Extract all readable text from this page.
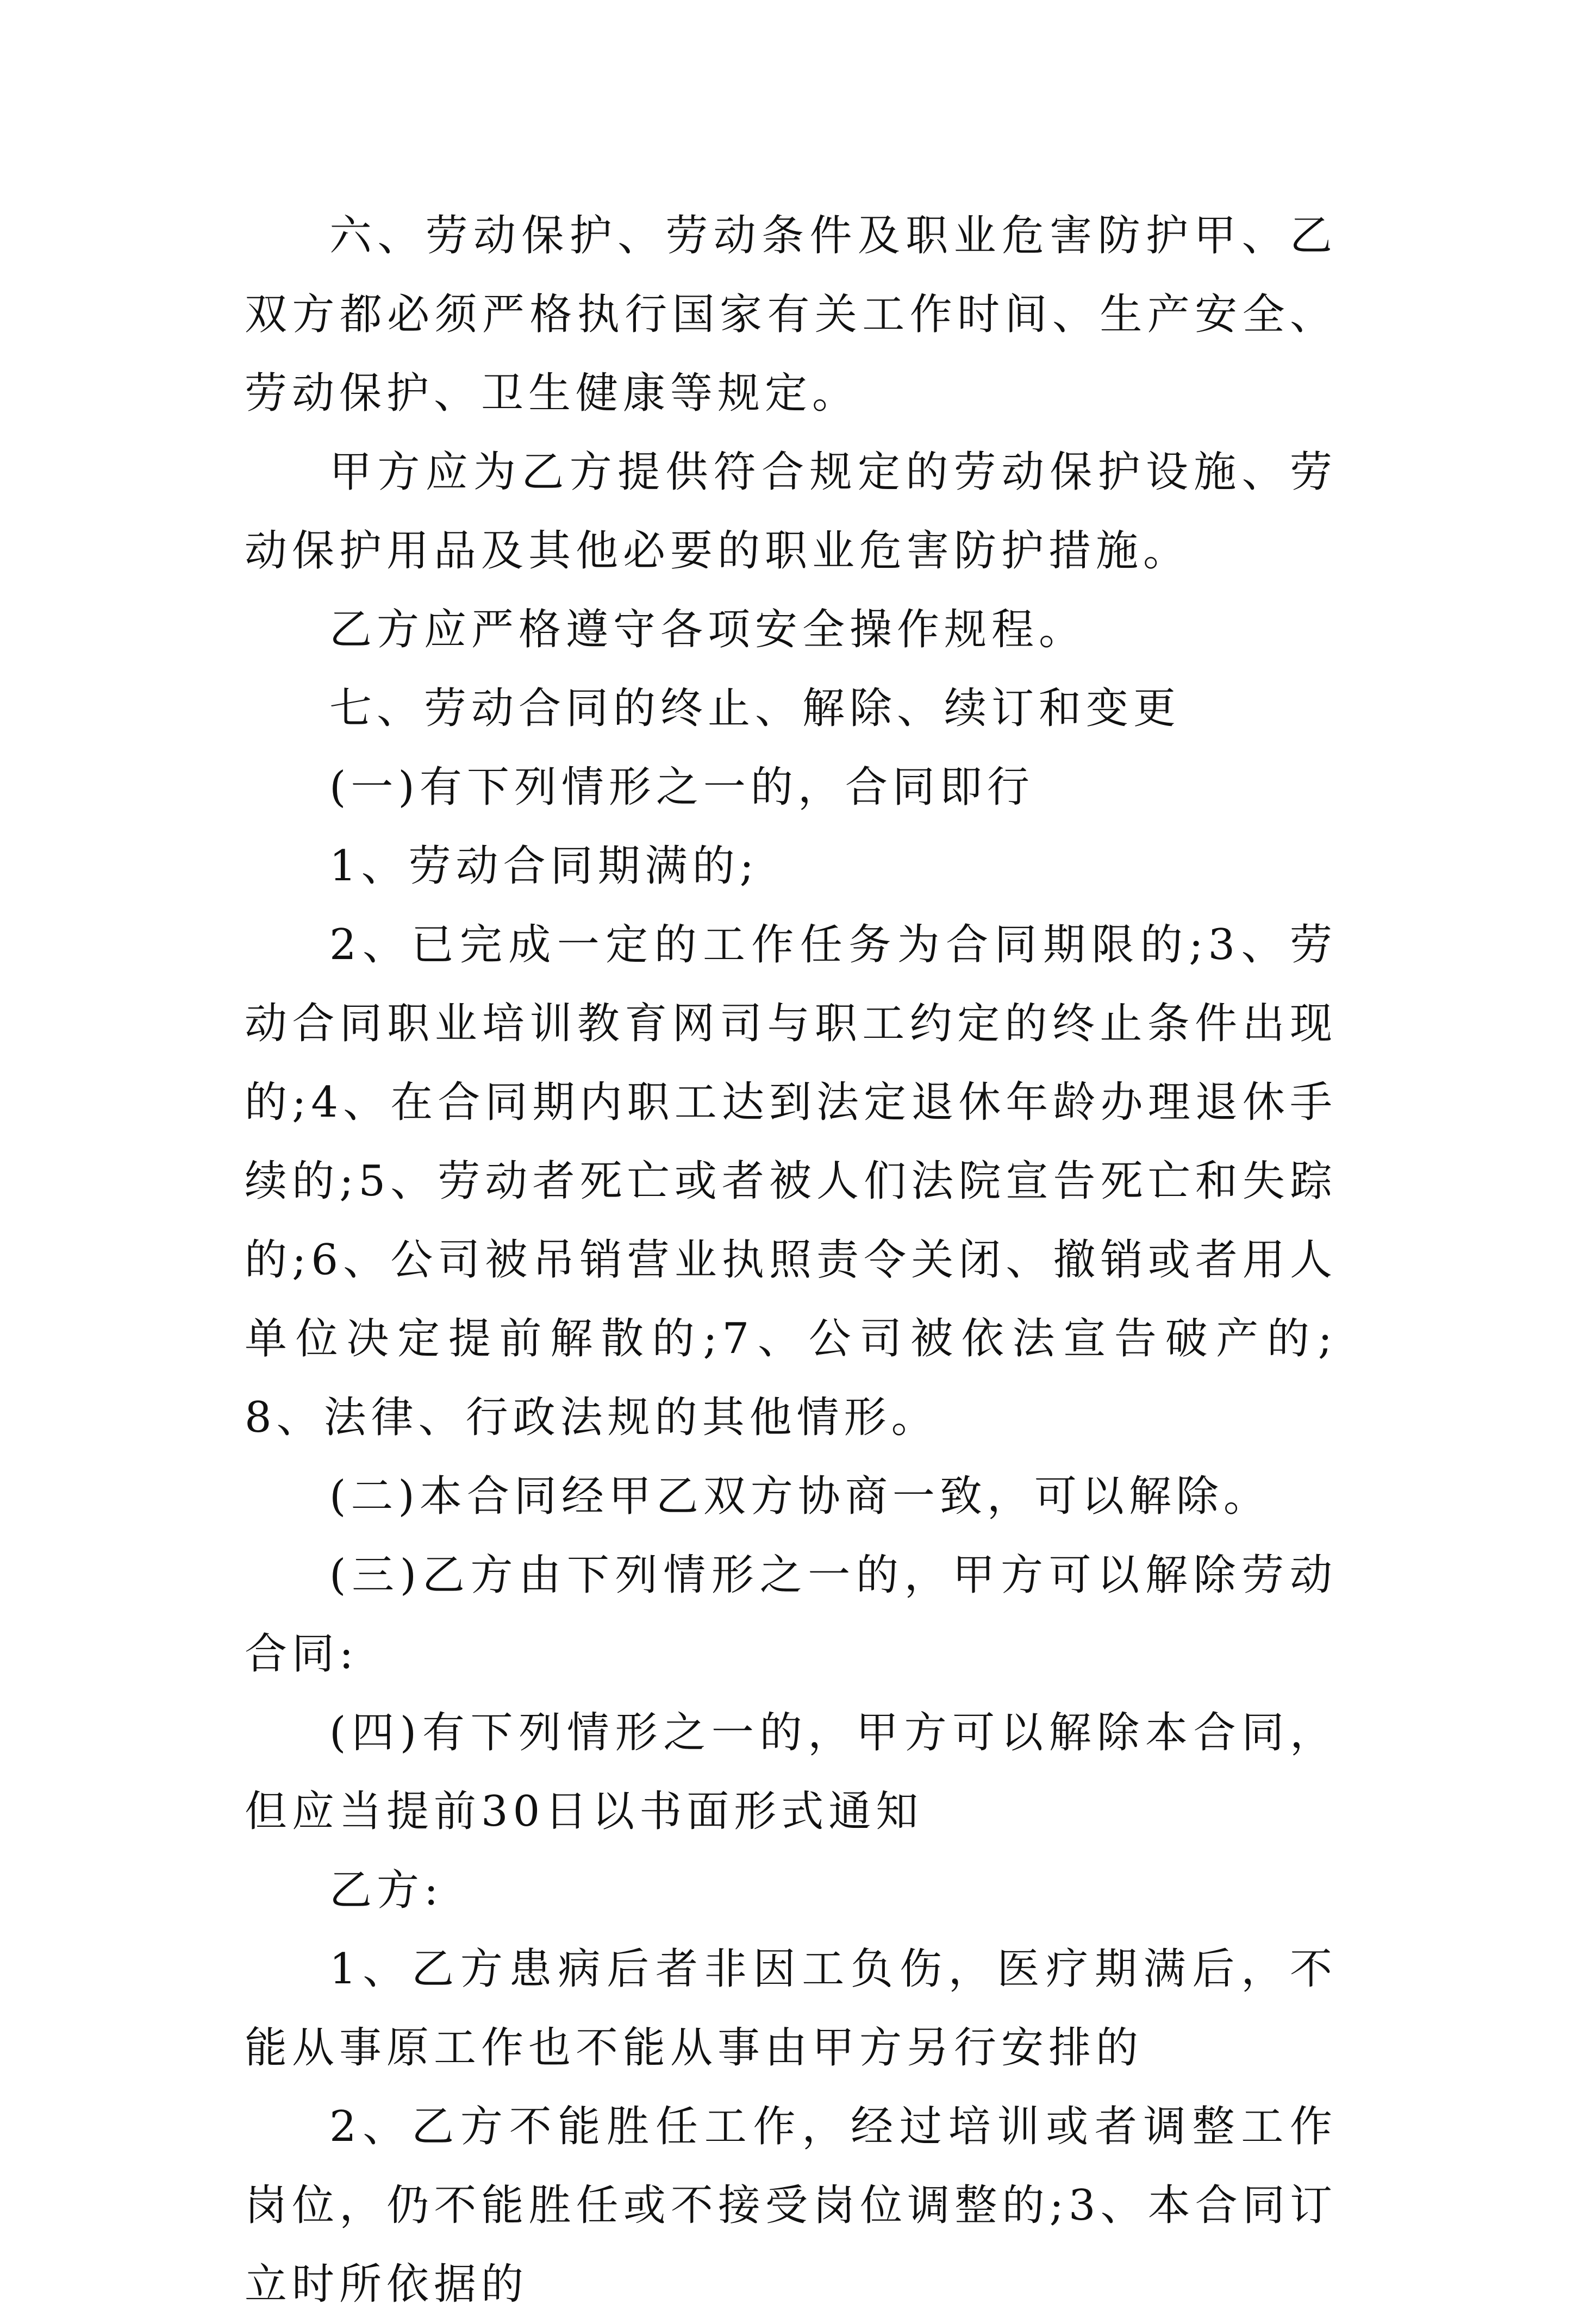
六、劳动保护、劳动条件及职业危害防护甲、乙双方都必须严格执行国家有关工作时间、生产安全、劳动保护、卫生健康等规定。

甲方应为乙方提供符合规定的劳动保护设施、劳动保护用品及其他必要的职业危害防护措施。

乙方应严格遵守各项安全操作规程。

七、劳动合同的终止、解除、续订和变更

(一)有下列情形之一的，合同即行

1、劳动合同期满的;

2、已完成一定的工作任务为合同期限的;3、劳动合同职业培训教育网司与职工约定的终止条件出现的;4、在合同期内职工达到法定退休年龄办理退休手续的;5、劳动者死亡或者被人们法院宣告死亡和失踪的;6、公司被吊销营业执照责令关闭、撤销或者用人单位决定提前解散的;7、公司被依法宣告破产的;8、法律、行政法规的其他情形。

(二)本合同经甲乙双方协商一致，可以解除。

(三)乙方由下列情形之一的，甲方可以解除劳动合同:

(四)有下列情形之一的，甲方可以解除本合同，但应当提前30日以书面形式通知

乙方:

1、乙方患病后者非因工负伤，医疗期满后，不能从事原工作也不能从事由甲方另行安排的

2、乙方不能胜任工作，经过培训或者调整工作岗位，仍不能胜任或不接受岗位调整的;3、本合同订立时所依据的
